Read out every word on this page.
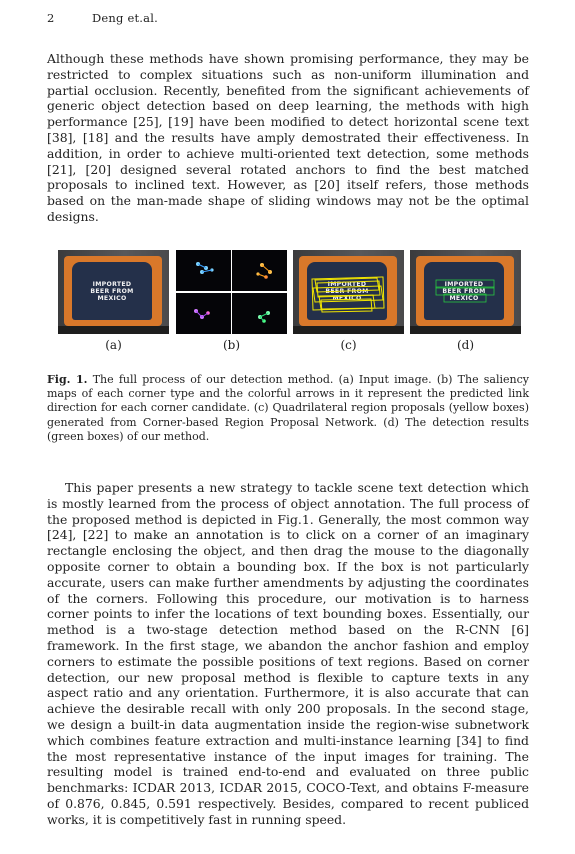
2	Deng et.al.

Although these methods have shown promising performance, they may be restricted to complex situations such as non-uniform illumination and partial occlusion. Recently, benefited from the significant achievements of generic object detection based on deep learning, the methods with high performance [25], [19] have been modified to detect horizontal scene text [38], [18] and the results have amply demostrated their effectiveness. In addition, in order to achieve multi-oriented text detection, some methods [21], [20] designed several rotated anchors to find the best matched proposals to inclined text. However, as [20] itself refers, those methods based on the man-made shape of sliding windows may not be the optimal designs.

IMPORTED
BEER FROM
MEXICO
IMPORTED
BEER FROM
MEXICO
IMPORTED
BEER FROM
MEXICO
(a)	(b)	(c)	(d)

Fig. 1. The full process of our detection method. (a) Input image. (b) The saliency maps of each corner type and the colorful arrows in it represent the predicted link direction for each corner candidate. (c) Quadrilateral region proposals (yellow boxes) generated from Corner-based Region Proposal Network. (d) The detection results (green boxes) of our method.

This paper presents a new strategy to tackle scene text detection which is mostly learned from the process of object annotation. The full process of the proposed method is depicted in Fig.1. Generally, the most common way [24], [22] to make an annotation is to click on a corner of an imaginary rectangle enclosing the object, and then drag the mouse to the diagonally opposite corner to obtain a bounding box. If the box is not particularly accurate, users can make further amendments by adjusting the coordinates of the corners. Following this procedure, our motivation is to harness corner points to infer the locations of text bounding boxes. Essentially, our method is a two-stage detection method based on the R-CNN [6] framework. In the first stage, we abandon the anchor fashion and employ corners to estimate the possible positions of text regions. Based on corner detection, our new proposal method is flexible to capture texts in any aspect ratio and any orientation. Furthermore, it is also accurate that can achieve the desirable recall with only 200 proposals. In the second stage, we design a built-in data augmentation inside the region-wise subnetwork which combines feature extraction and multi-instance learning [34] to find the most representative instance of the input images for training. The resulting model is trained end-to-end and evaluated on three public benchmarks: ICDAR 2013, ICDAR 2015, COCO-Text, and obtains F-measure of 0.876, 0.845, 0.591 respectively. Besides, compared to recent publiced works, it is competitively fast in running speed.
